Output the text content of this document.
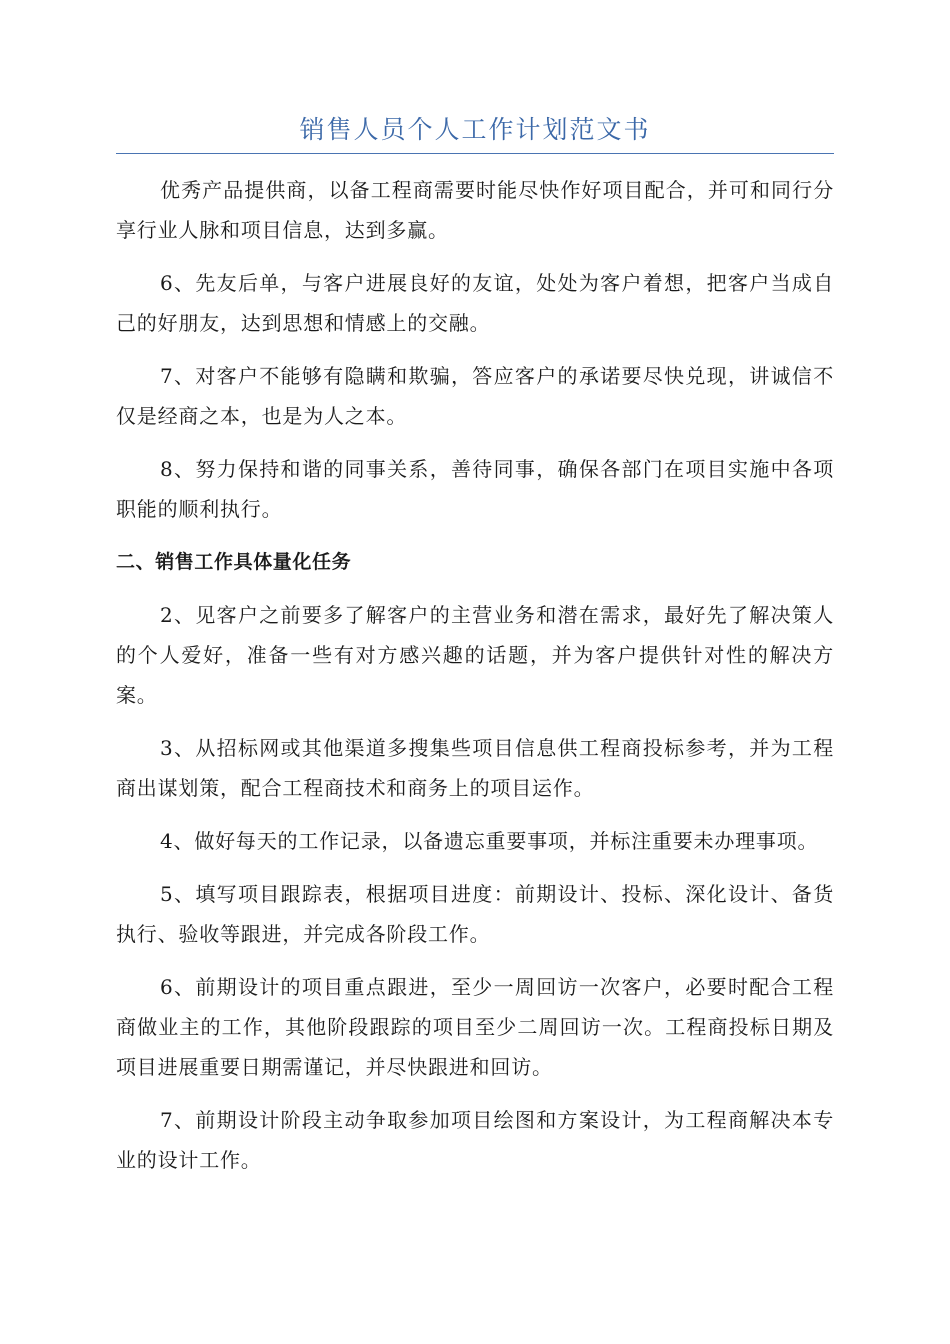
销售人员个人工作计划范文书

优秀产品提供商，以备工程商需要时能尽快作好项目配合，并可和同行分享行业人脉和项目信息，达到多赢。

6、先友后单，与客户进展良好的友谊，处处为客户着想，把客户当成自己的好朋友，达到思想和情感上的交融。

7、对客户不能够有隐瞒和欺骗，答应客户的承诺要尽快兑现，讲诚信不仅是经商之本，也是为人之本。

8、努力保持和谐的同事关系，善待同事，确保各部门在项目实施中各项职能的顺利执行。

二、销售工作具体量化任务

2、见客户之前要多了解客户的主营业务和潜在需求，最好先了解决策人的个人爱好，准备一些有对方感兴趣的话题，并为客户提供针对性的解决方案。

3、从招标网或其他渠道多搜集些项目信息供工程商投标参考，并为工程商出谋划策，配合工程商技术和商务上的项目运作。

4、做好每天的工作记录，以备遗忘重要事项，并标注重要未办理事项。

5、填写项目跟踪表，根据项目进度：前期设计、投标、深化设计、备货执行、验收等跟进，并完成各阶段工作。

6、前期设计的项目重点跟进，至少一周回访一次客户，必要时配合工程商做业主的工作，其他阶段跟踪的项目至少二周回访一次。工程商投标日期及项目进展重要日期需谨记，并尽快跟进和回访。

7、前期设计阶段主动争取参加项目绘图和方案设计，为工程商解决本专业的设计工作。
